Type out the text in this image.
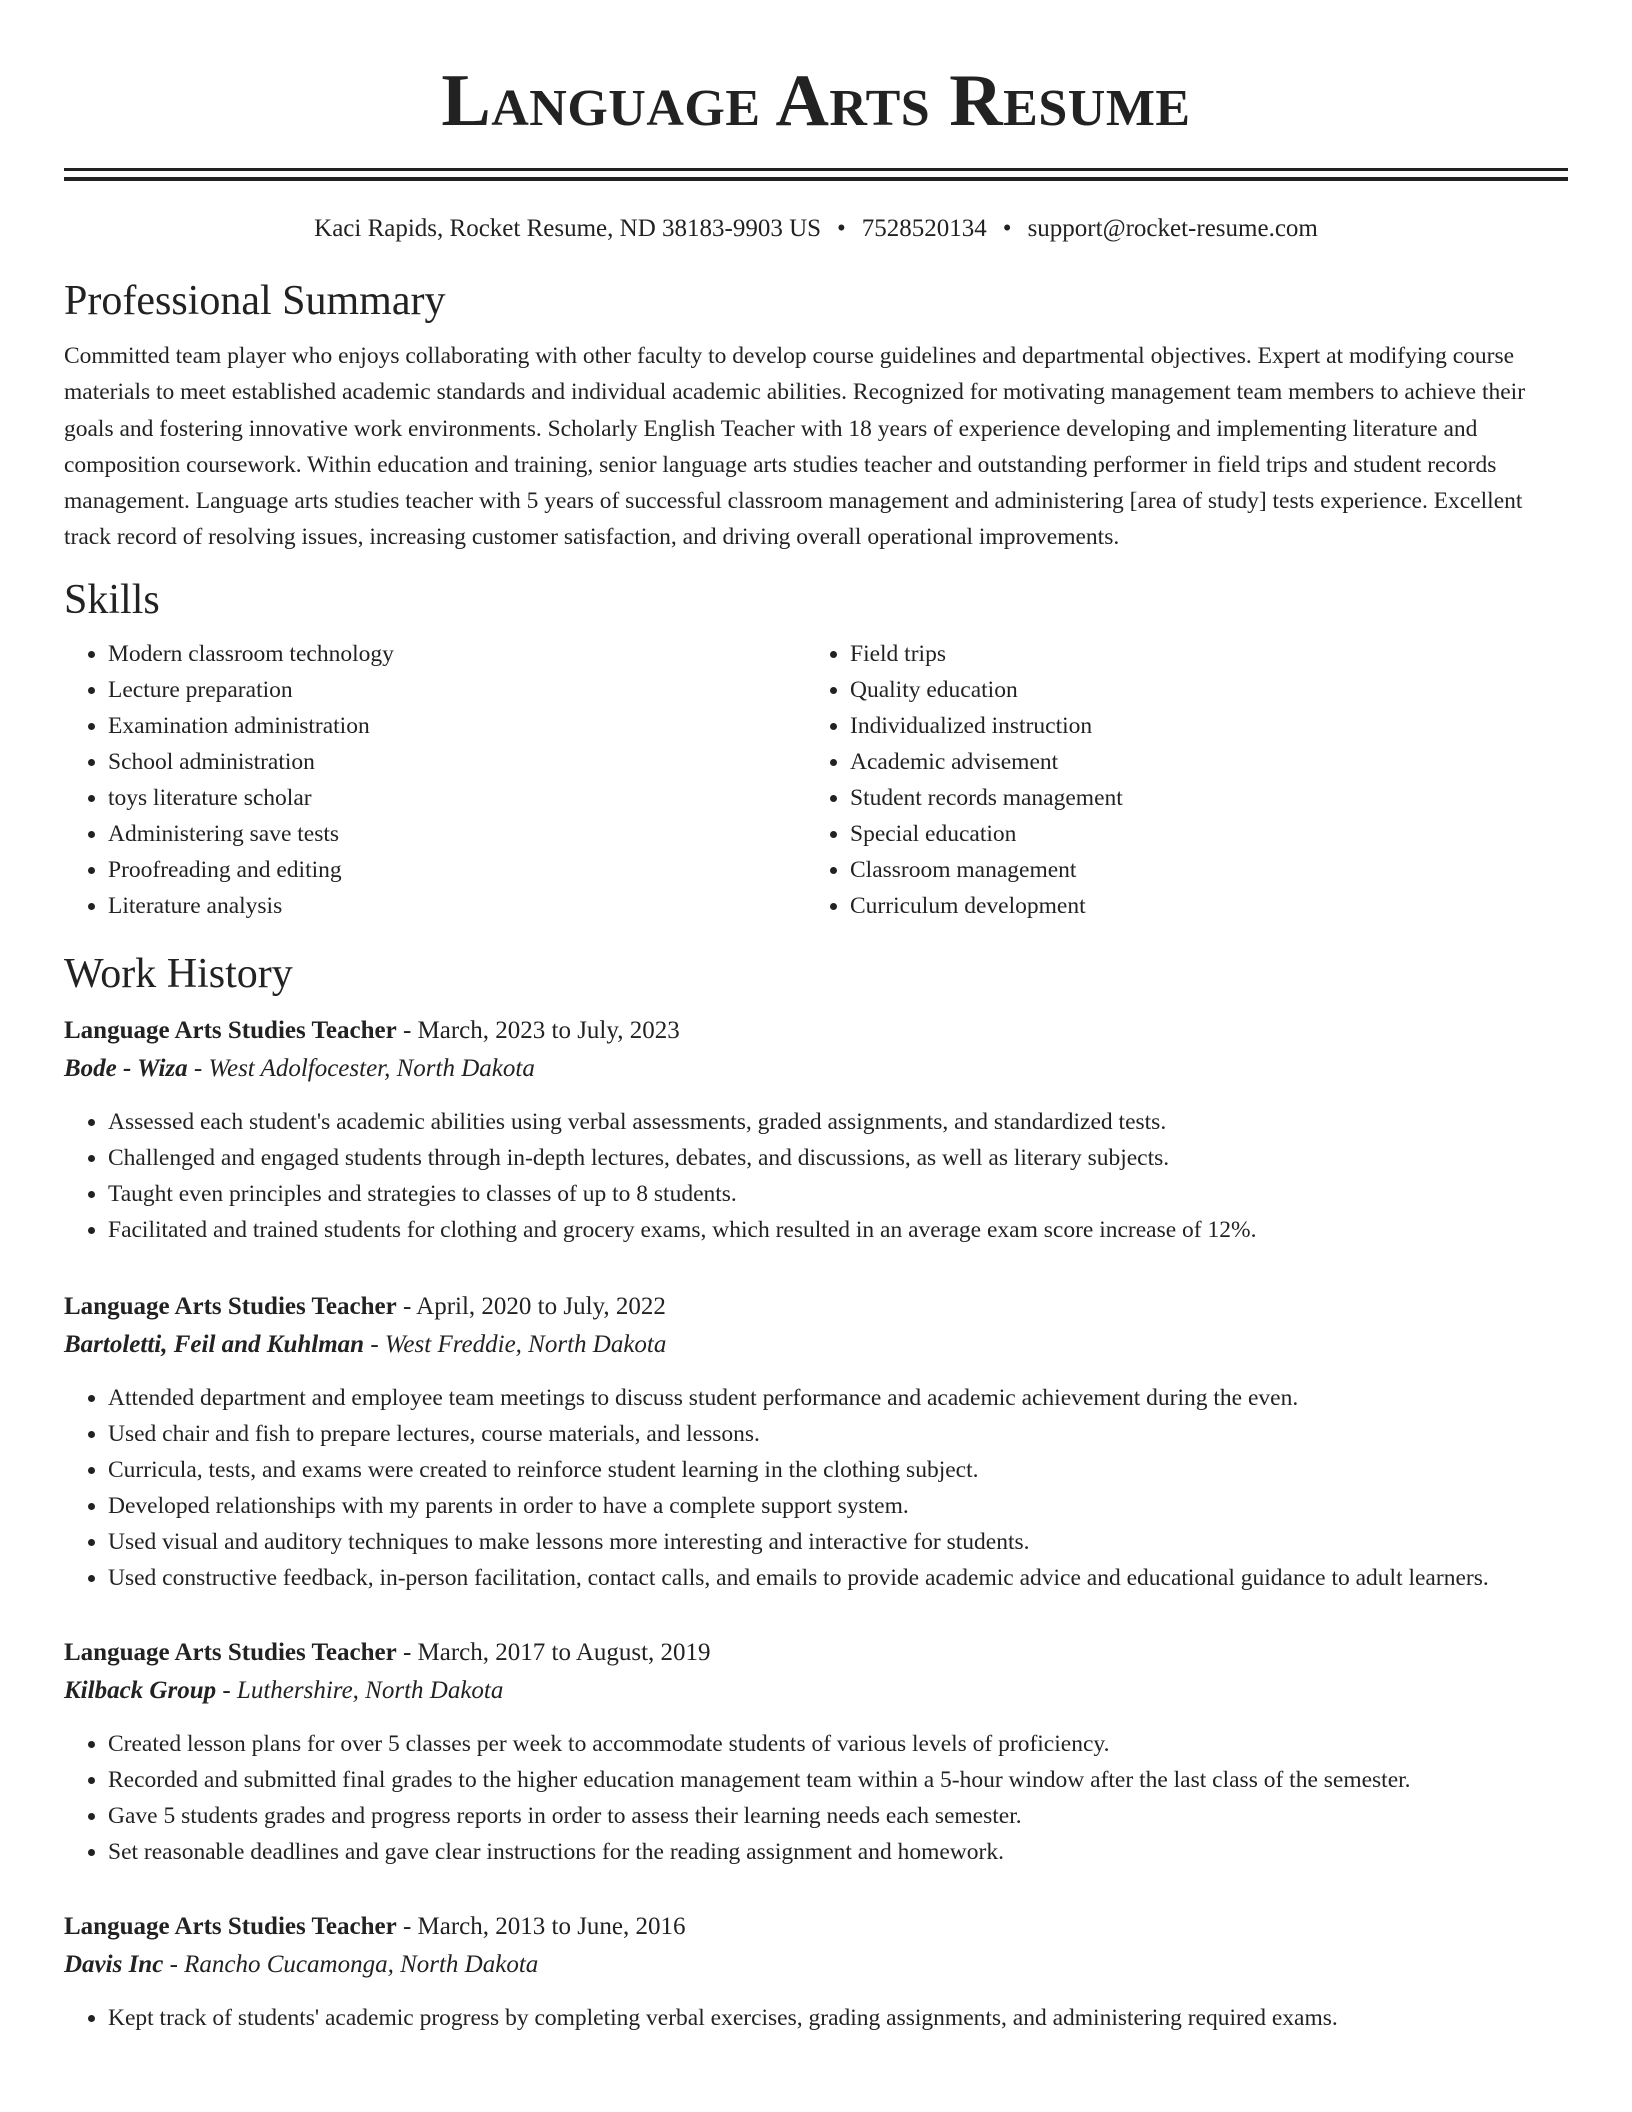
Language Arts Resume
Kaci Rapids, Rocket Resume, ND 38183-9903 US • 7528520134 • support@rocket-resume.com
Professional Summary

Committed team player who enjoys collaborating with other faculty to develop course guidelines and departmental objectives. Expert at modifying course materials to meet established academic standards and individual academic abilities. Recognized for motivating management team members to achieve their goals and fostering innovative work environments. Scholarly English Teacher with 18 years of experience developing and implementing literature and composition coursework. Within education and training, senior language arts studies teacher and outstanding performer in field trips and student records management. Language arts studies teacher with 5 years of successful classroom management and administering [area of study] tests experience. Excellent track record of resolving issues, increasing customer satisfaction, and driving overall operational improvements.

Skills
• Modern classroom technology
• Lecture preparation
• Examination administration
• School administration
• toys literature scholar
• Administering save tests
• Proofreading and editing
• Literature analysis
• Field trips
• Quality education
• Individualized instruction
• Academic advisement
• Student records management
• Special education
• Classroom management
• Curriculum development
Work History

Language Arts Studies Teacher - March, 2023 to July, 2023

Bode - Wiza - West Adolfocester, North Dakota

• Assessed each student's academic abilities using verbal assessments, graded assignments, and standardized tests.
• Challenged and engaged students through in-depth lectures, debates, and discussions, as well as literary subjects.
• Taught even principles and strategies to classes of up to 8 students.
• Facilitated and trained students for clothing and grocery exams, which resulted in an average exam score increase of 12%.

Language Arts Studies Teacher - April, 2020 to July, 2022

Bartoletti, Feil and Kuhlman - West Freddie, North Dakota

• Attended department and employee team meetings to discuss student performance and academic achievement during the even.
• Used chair and fish to prepare lectures, course materials, and lessons.
• Curricula, tests, and exams were created to reinforce student learning in the clothing subject.
• Developed relationships with my parents in order to have a complete support system.
• Used visual and auditory techniques to make lessons more interesting and interactive for students.
• Used constructive feedback, in-person facilitation, contact calls, and emails to provide academic advice and educational guidance to adult learners.

Language Arts Studies Teacher - March, 2017 to August, 2019

Kilback Group - Luthershire, North Dakota

• Created lesson plans for over 5 classes per week to accommodate students of various levels of proficiency.
• Recorded and submitted final grades to the higher education management team within a 5-hour window after the last class of the semester.
• Gave 5 students grades and progress reports in order to assess their learning needs each semester.
• Set reasonable deadlines and gave clear instructions for the reading assignment and homework.

Language Arts Studies Teacher - March, 2013 to June, 2016

Davis Inc - Rancho Cucamonga, North Dakota

• Kept track of students' academic progress by completing verbal exercises, grading assignments, and administering required exams.
